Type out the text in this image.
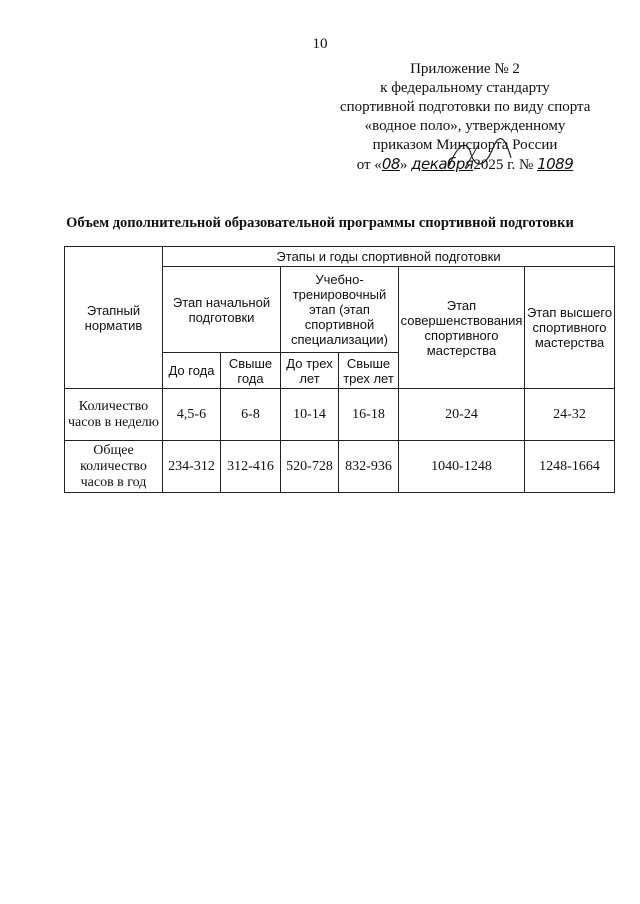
10
Приложение № 2
к федеральному стандарту
спортивной подготовки по виду спорта
«водное поло», утвержденному
приказом Минспорта России
от «08» декабря2025 г. № 1089
Объем дополнительной образовательной программы спортивной подготовки
Этапный норматив	Этапы и годы спортивной подготовки					
	Этап начальной подготовки		Учебно-тренировочный этап (этап спортивной специализации)		Этап совершенствования спортивного мастерства	Этап высшего спортивного мастерства
	До года	Свыше года	До трех лет	Свыше трех лет		
Количество часов в неделю	4,5-6	6-8	10-14	16-18	20-24	24-32
Общее количество часов в год	234-312	312-416	520-728	832-936	1040-1248	1248-1664
